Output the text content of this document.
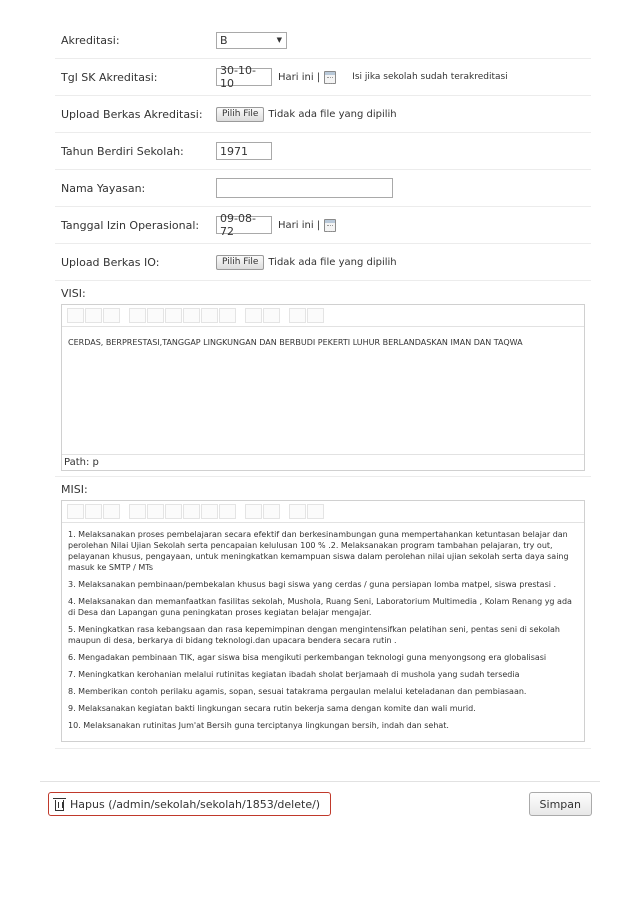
Akreditasi:	B	▼
Tgl SK Akreditasi:	30-10-10	Hari ini |	Isi jika sekolah sudah terakreditasi
Upload Berkas Akreditasi:	Pilih File	Tidak ada file yang dipilih
Tahun Berdiri Sekolah:	1971
Nama Yayasan:
Tanggal Izin Operasional:	09-08-72	Hari ini |
Upload Berkas IO:	Pilih File	Tidak ada file yang dipilih
VISI:

CERDAS, BERPRESTASI,TANGGAP LINGKUNGAN DAN BERBUDI PEKERTI LUHUR BERLANDASKAN IMAN DAN TAQWA

Path: p
MISI:

1. Melaksanakan proses pembelajaran secara efektif dan berkesinambungan guna mempertahankan ketuntasan belajar dan perolehan Nilai Ujian Sekolah serta pencapaian kelulusan 100 % .2. Melaksanakan program tambahan pelajaran, try out, pelayanan khusus, pengayaan, untuk meningkatkan kemampuan siswa dalam perolehan nilai ujian sekolah serta daya saing masuk ke SMTP / MTs

3. Melaksanakan pembinaan/pembekalan khusus bagi siswa yang cerdas / guna persiapan lomba matpel, siswa prestasi .

4. Melaksanakan dan memanfaatkan fasilitas sekolah, Mushola, Ruang Seni, Laboratorium Multimedia , Kolam Renang yg ada di Desa dan Lapangan guna peningkatan proses kegiatan belajar mengajar.

5. Meningkatkan rasa kebangsaan dan rasa kepemimpinan dengan mengintensifkan pelatihan seni, pentas seni di sekolah maupun di desa, berkarya di bidang teknologi.dan upacara bendera secara rutin .

6. Mengadakan pembinaan TIK, agar siswa bisa mengikuti perkembangan teknologi guna menyongsong era globalisasi

7. Meningkatkan kerohanian melalui rutinitas kegiatan ibadah sholat berjamaah di mushola yang sudah tersedia

8. Memberikan contoh perilaku agamis, sopan, sesuai tatakrama pergaulan melalui keteladanan dan pembiasaan.

9. Melaksanakan kegiatan bakti lingkungan secara rutin bekerja sama dengan komite dan wali murid.

10. Melaksanakan rutinitas Jum'at Bersih guna terciptanya lingkungan bersih, indah dan sehat.

Hapus (/admin/sekolah/sekolah/1853/delete/)	Simpan
